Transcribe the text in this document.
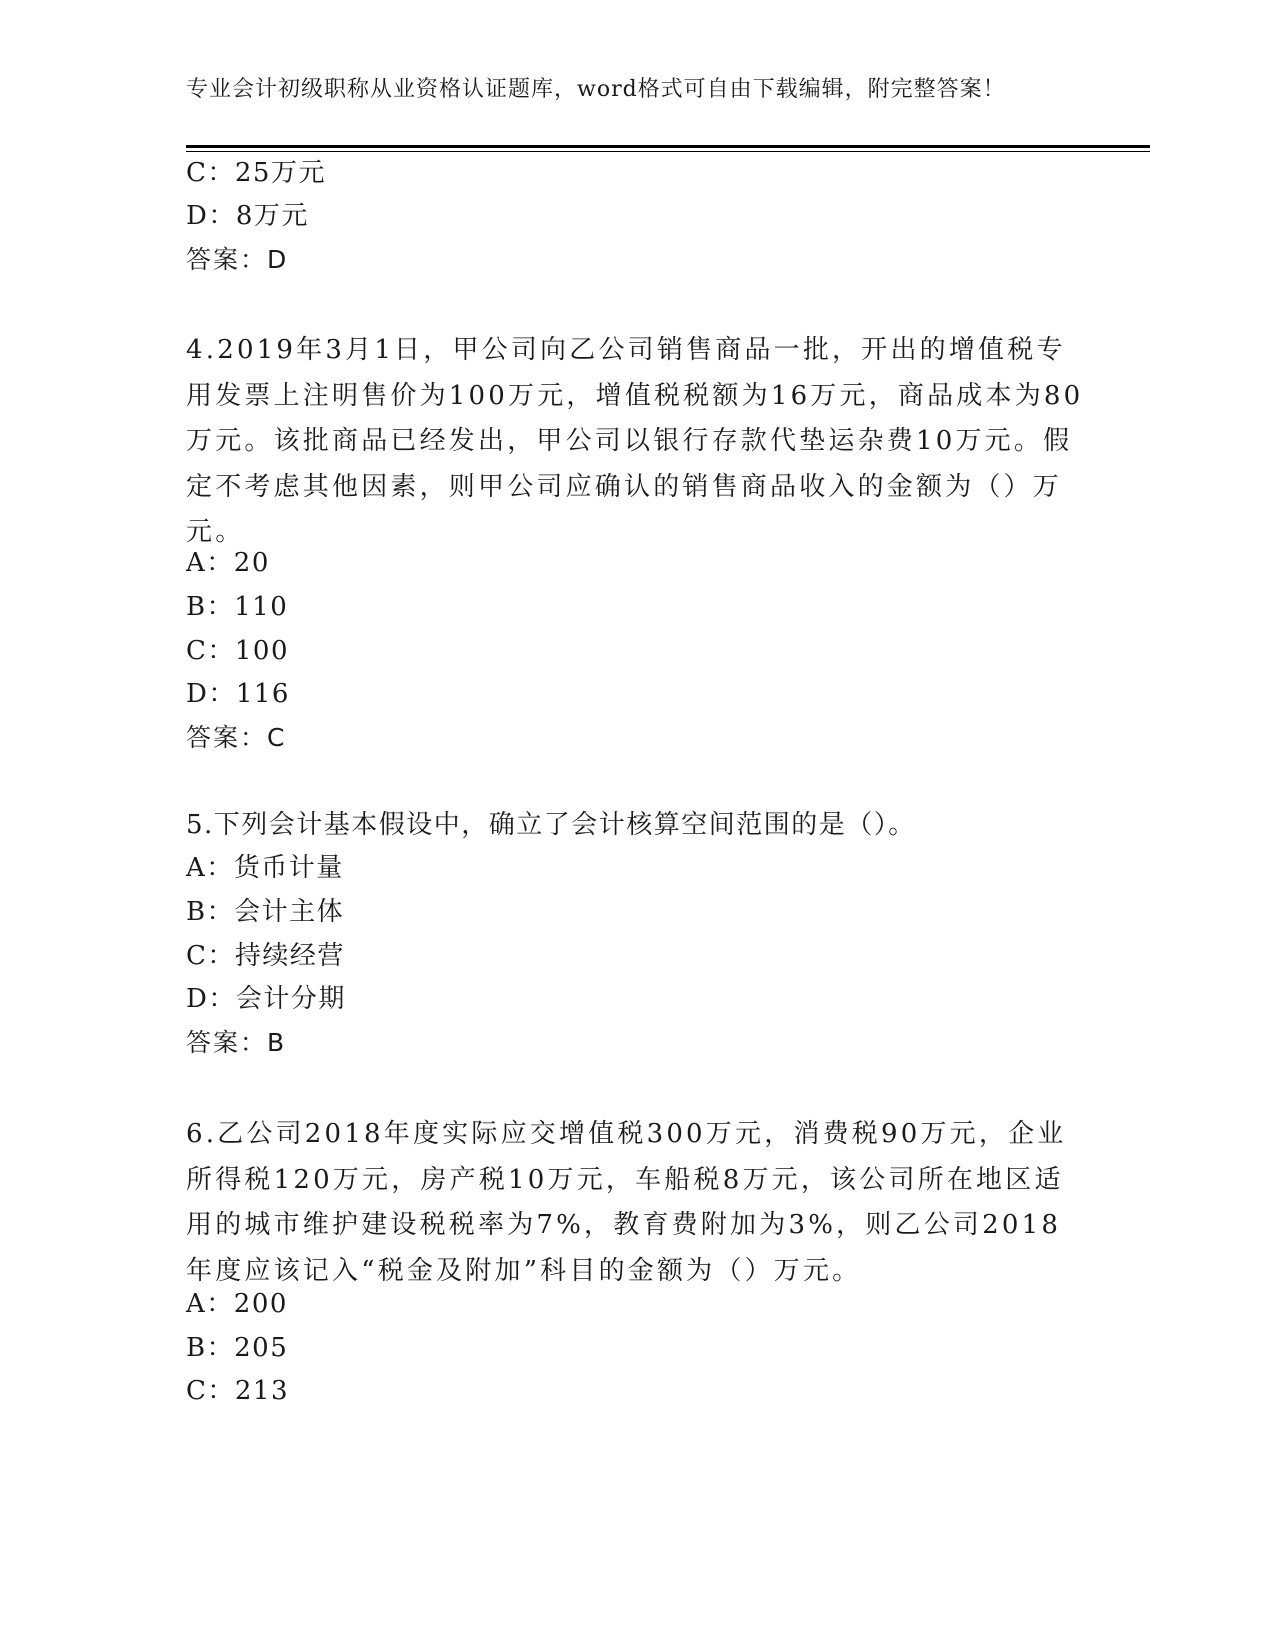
专业会计初级职称从业资格认证题库，word格式可自由下载编辑，附完整答案！
C：25万元
D：8万元
答案：D
4.2019年3月1日，甲公司向乙公司销售商品一批，开出的增值税专用发票上注明售价为100万元，增值税税额为16万元，商品成本为80万元。该批商品已经发出，甲公司以银行存款代垫运杂费10万元。假定不考虑其他因素，则甲公司应确认的销售商品收入的金额为（）万元。
A：20
B：110
C：100
D：116
答案：C
5.下列会计基本假设中，确立了会计核算空间范围的是（）。
A：货币计量
B：会计主体
C：持续经营
D：会计分期
答案：B
6.乙公司2018年度实际应交增值税300万元，消费税90万元，企业所得税120万元，房产税10万元，车船税8万元，该公司所在地区适用的城市维护建设税税率为7%，教育费附加为3%，则乙公司2018年度应该记入“税金及附加”科目的金额为（）万元。
A：200
B：205
C：213
